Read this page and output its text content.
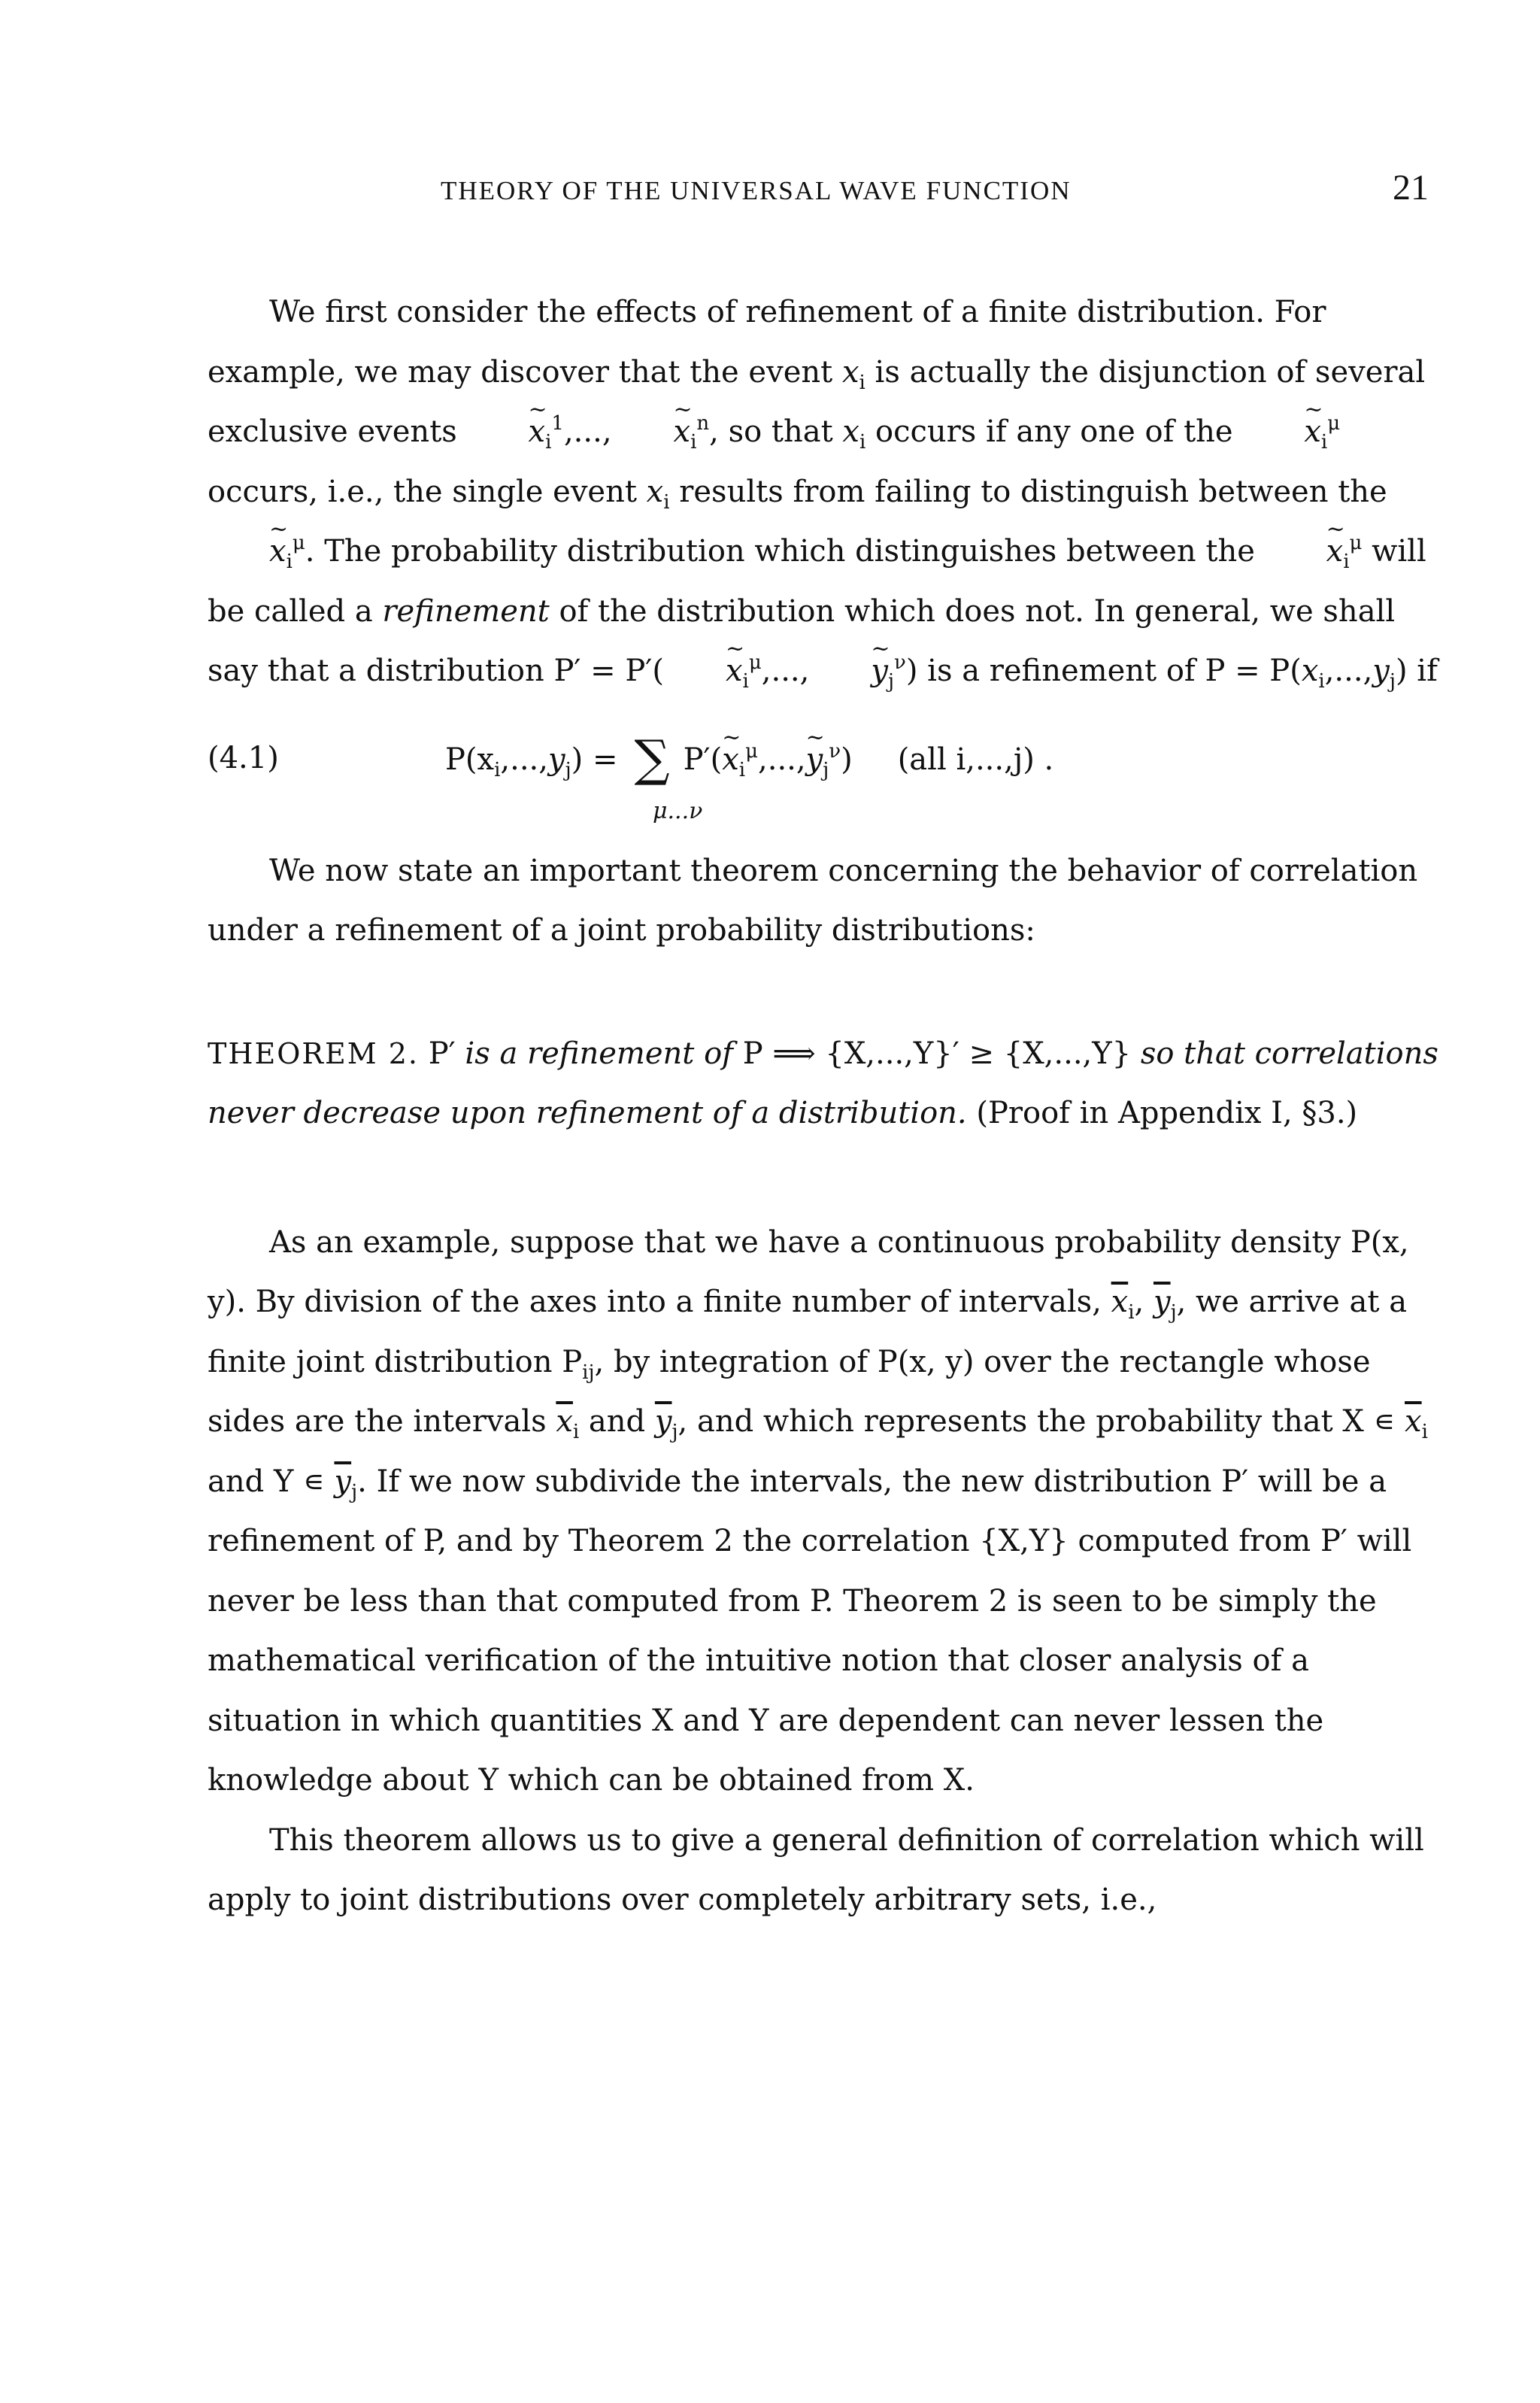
THEORY OF THE UNIVERSAL WAVE FUNCTION	21

We first consider the effects of refinement of a finite distribution. For example, we may discover that the event $x_i$ is actually the disjunction of several exclusive events ~ $x_i^1$,..., ~ $x_i^n$, so that $x_i$ occurs if any one of the ~ $x_i^\mu$ occurs, i.e., the single event $x_i$ results from failing to distinguish between the ~ $x_i^\mu$. The probability distribution which distinguishes between the ~ $x_i^\mu$ will be called a refinement of the distribution which does not. In general, we shall say that a distribution P′ = P′( ~ $x_i^\mu$,..., ~ $y_j^\nu$) is a refinement of $P = P(x_i,...,y_j)$ if

(4.1)	$P(x_i,...,y_j)$ = ∑ P′(~ $x_i^\mu,...,\sim$ $y_j^\nu$) (all i,...,j) .
μ...ν

We now state an important theorem concerning the behavior of correlation under a refinement of a joint probability distributions:

THEOREM 2. P′ is a refinement of P ⟹ {X,...,Y}′ ≥ {X,...,Y} so that correlations never decrease upon refinement of a distribution. (Proof in Appendix I, §3.)

As an example, suppose that we have a continuous probability density P(x, y). By division of the axes into a finite number of intervals, $\overline{x}_i$, $\overline{y}_j$, we arrive at a finite joint distribution $P_{ij}$, by integration of P(x, y) over the rectangle whose sides are the intervals $\overline{x}_i$ and $\overline{y}_j$, and which represents the probability that X ∊ $\overline{x}_i$ and Y ∊ $\overline{y}_j$. If we now subdivide the intervals, the new distribution P′ will be a refinement of P, and by Theorem 2 the correlation {X,Y} computed from P′ will never be less than that computed from P. Theorem 2 is seen to be simply the mathematical verification of the intuitive notion that closer analysis of a situation in which quantities X and Y are dependent can never lessen the knowledge about Y which can be obtained from X.

This theorem allows us to give a general definition of correlation which will apply to joint distributions over completely arbitrary sets, i.e.,
